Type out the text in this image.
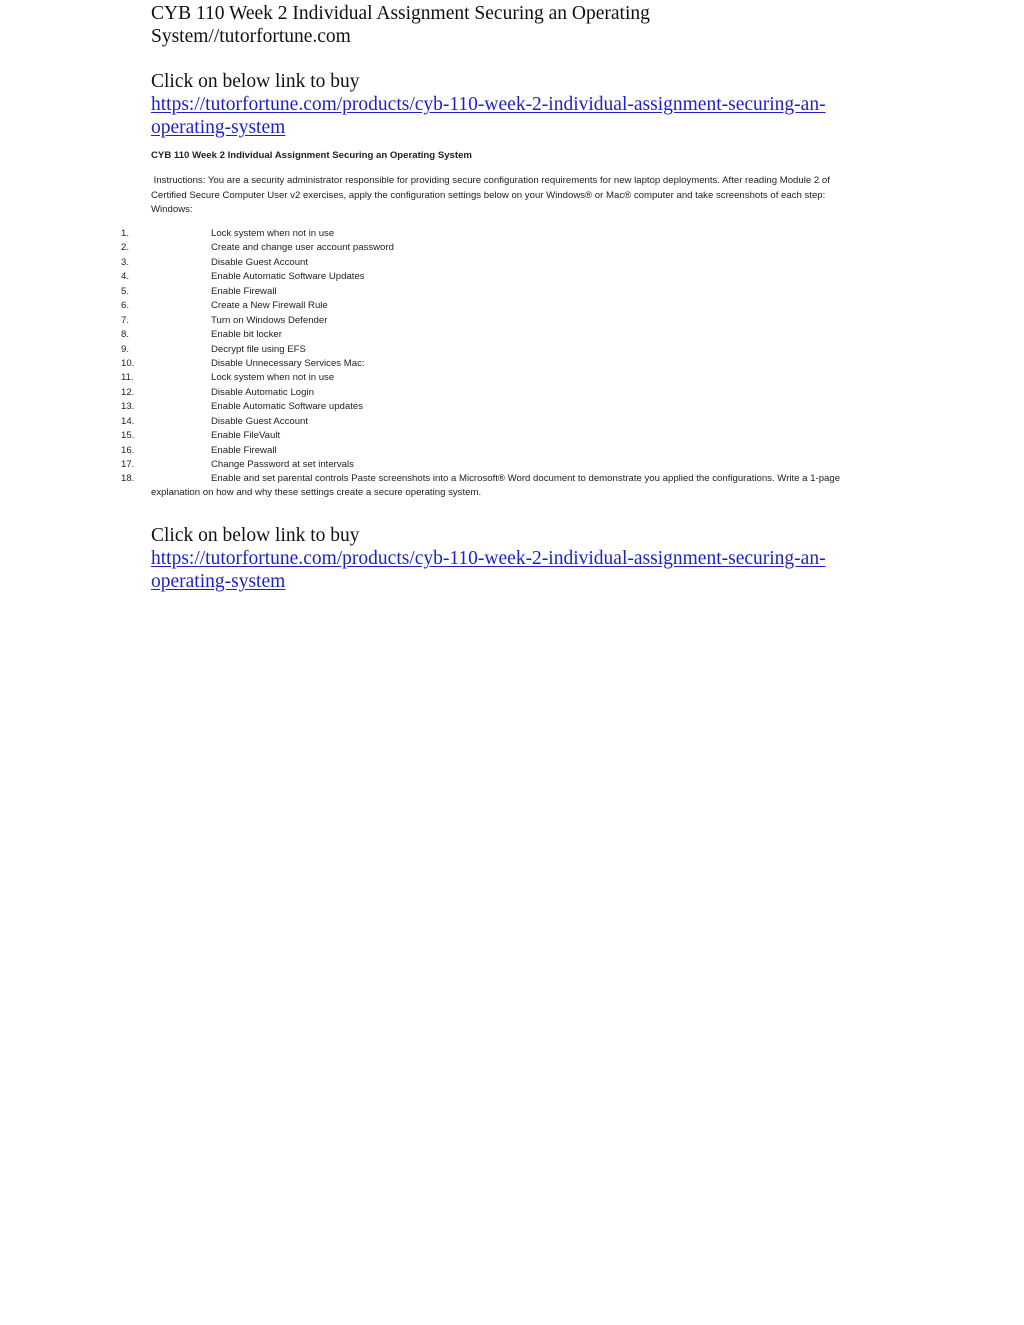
CYB 110 Week 2 Individual Assignment Securing an Operating
System//tutorfortune.com
Click on below link to buy
https://tutorfortune.com/products/cyb-110-week-2-individual-assignment-securing-an-
operating-system

CYB 110 Week 2 Individual Assignment Securing an Operating System

Instructions: You are a security administrator responsible for providing secure configuration requirements for new laptop deployments. After reading Module 2 of
Certified Secure Computer User v2 exercises, apply the configuration settings below on your Windows® or Mac® computer and take screenshots of each step:
Windows:

1.	Lock system when not in use
2.	Create and change user account password
3.	Disable Guest Account
4.	Enable Automatic Software Updates
5.	Enable Firewall
6.	Create a New Firewall Rule
7.	Turn on Windows Defender
8.	Enable bit locker
9.	Decrypt file using EFS
10.	Disable Unnecessary Services Mac:
11.	Lock system when not in use
12.	Disable Automatic Login
13.	Enable Automatic Software updates
14.	Disable Guest Account
15.	Enable FileVault
16.	Enable Firewall
17.	Change Password at set intervals
18.	Enable and set parental controls Paste screenshots into a Microsoft® Word document to demonstrate you applied the configurations. Write a 1-page

explanation on how and why these settings create a secure operating system.

Click on below link to buy
https://tutorfortune.com/products/cyb-110-week-2-individual-assignment-securing-an-
operating-system
